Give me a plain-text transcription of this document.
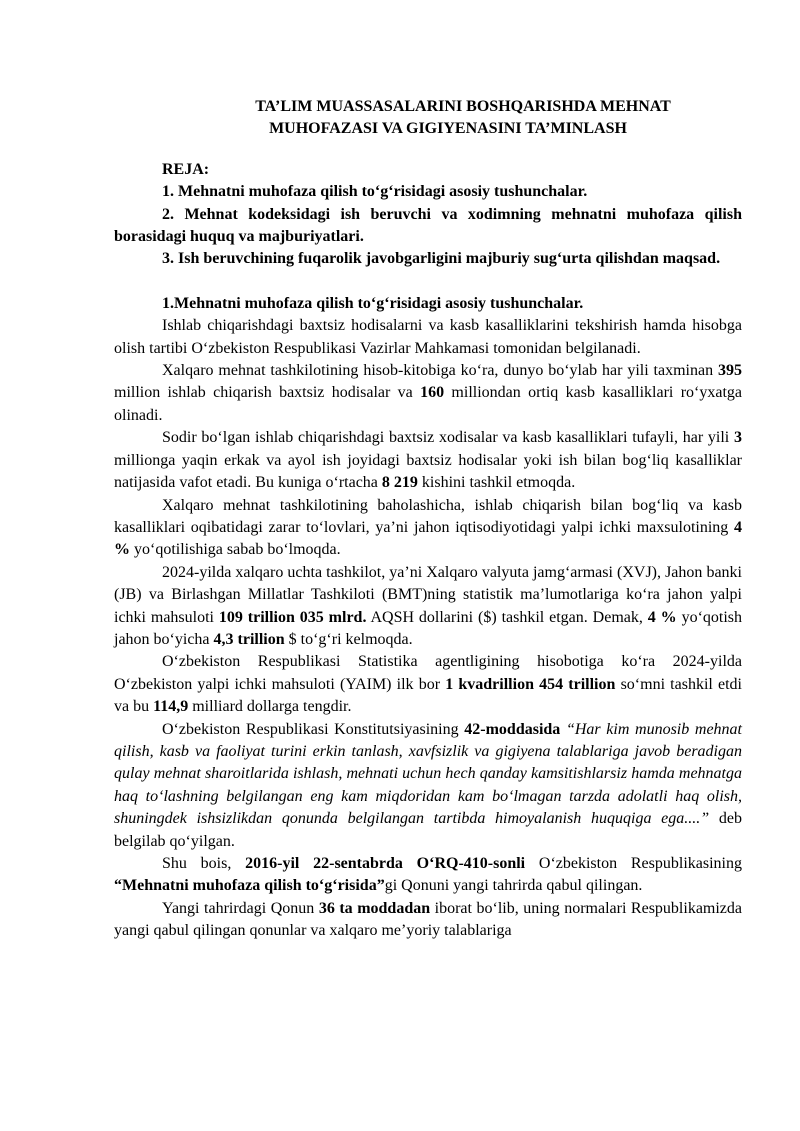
TA’LIM MUASSASALARINI BOSHQARISHDA MEHNAT
MUHOFAZASI VA GIGIYENASINI TA’MINLASH

REJA:

1. Mehnatni muhofaza qilish to‘g‘risidagi asosiy tushunchalar.

2. Mehnat kodeksidagi ish beruvchi va xodimning mehnatni muhofaza qilish borasidagi huquq va majburiyatlari.

3. Ish beruvchining fuqarolik javobgarligini majburiy sug‘urta qilishdan maqsad.

1.Mehnatni muhofaza qilish to‘g‘risidagi asosiy tushunchalar.

Ishlab chiqarishdagi baxtsiz hodisalarni va kasb kasalliklarini tekshirish hamda hisobga olish tartibi O‘zbekiston Respublikasi Vazirlar Mahkamasi tomonidan belgilanadi.

Xalqaro mehnat tashkilotining hisob-kitobiga ko‘ra, dunyo bo‘ylab har yili taxminan 395 million ishlab chiqarish baxtsiz hodisalar va 160 milliondan ortiq kasb kasalliklari ro‘yxatga olinadi.

Sodir bo‘lgan ishlab chiqarishdagi baxtsiz xodisalar va kasb kasalliklari tufayli, har yili 3 millionga yaqin erkak va ayol ish joyidagi baxtsiz hodisalar yoki ish bilan bog‘liq kasalliklar natijasida vafot etadi. Bu kuniga o‘rtacha 8 219 kishini tashkil etmoqda.

Xalqaro mehnat tashkilotining baholashicha, ishlab chiqarish bilan bog‘liq va kasb kasalliklari oqibatidagi zarar to‘lovlari, ya’ni jahon iqtisodiyotidagi yalpi ichki maxsulotining 4 % yo‘qotilishiga sabab bo‘lmoqda.

2024-yilda xalqaro uchta tashkilot, ya’ni Xalqaro valyuta jamg‘armasi (XVJ), Jahon banki (JB) va Birlashgan Millatlar Tashkiloti (BMT)ning statistik ma’lumotlariga ko‘ra jahon yalpi ichki mahsuloti 109 trillion 035 mlrd. AQSH dollarini ($) tashkil etgan. Demak, 4 % yo‘qotish jahon bo‘yicha 4,3 trillion $ to‘g‘ri kelmoqda.

O‘zbekiston Respublikasi Statistika agentligining hisobotiga ko‘ra 2024-yilda O‘zbekiston yalpi ichki mahsuloti (YAIM) ilk bor 1 kvadrillion 454 trillion so‘mni tashkil etdi va bu 114,9 milliard dollarga tengdir.

O‘zbekiston Respublikasi Konstitutsiyasining 42-moddasida “Har kim munosib mehnat qilish, kasb va faoliyat turini erkin tanlash, xavfsizlik va gigiyena talablariga javob beradigan qulay mehnat sharoitlarida ishlash, mehnati uchun hech qanday kamsitishlarsiz hamda mehnatga haq to‘lashning belgilangan eng kam miqdoridan kam bo‘lmagan tarzda adolatli haq olish, shuningdek ishsizlikdan qonunda belgilangan tartibda himoyalanish huquqiga ega....” deb belgilab qo‘yilgan.

Shu bois, 2016-yil 22-sentabrda O‘RQ-410-sonli O‘zbekiston Respublikasining “Mehnatni muhofaza qilish to‘g‘risida”gi Qonuni yangi tahrirda qabul qilingan.

Yangi tahrirdagi Qonun 36 ta moddadan iborat bo‘lib, uning normalari Respublikamizda yangi qabul qilingan qonunlar va xalqaro me’yoriy talablariga
